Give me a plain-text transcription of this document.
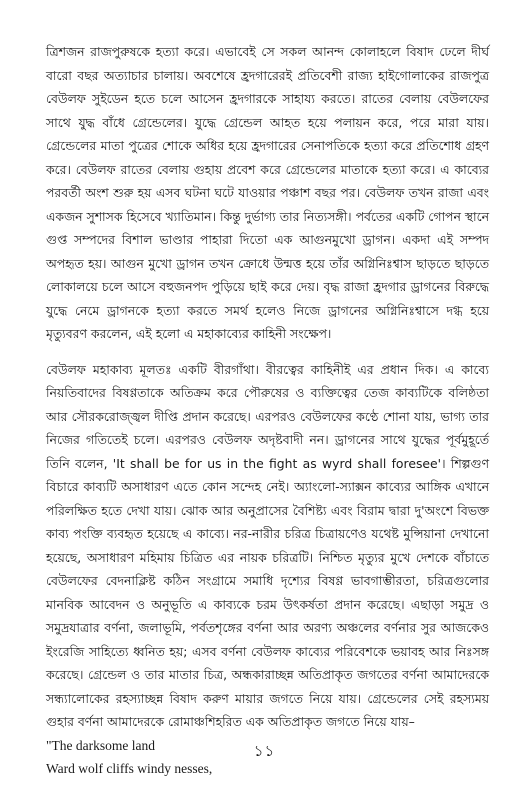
ত্রিশজন রাজপুরুষকে হত্যা করে। এভাবেই সে সকল আনন্দ কোলাহলে বিষাদ ঢেলে দীর্ঘ বারো বছর অত্যাচার চালায়। অবশেষে হ্রদগারেরই প্রতিবেশী রাজ্য হাইগোলাকের রাজপুত্র বেউলফ সুইডেন হতে চলে আসেন হ্রদগারকে সাহায্য করতে। রাতের বেলায় বেউলফের সাথে যুদ্ধ বাঁধে গ্রেন্ডেলের। যুদ্ধে গ্রেন্ডেল আহত হয়ে পলায়ন করে, পরে মারা যায়। গ্রেন্ডেলের মাতা পুত্রের শোকে অধির হয়ে হ্রদগারের সেনাপতিকে হত্যা করে প্রতিশোধ গ্রহণ করে। বেউলফ রাতের বেলায় গুহায় প্রবেশ করে গ্রেন্ডেলের মাতাকে হত্যা করে। এ কাব্যের পরবর্তী অংশ শুরু হয় এসব ঘটনা ঘটে যাওয়ার পঞ্চাশ বছর পর। বেউলফ তখন রাজা এবং একজন সুশাসক হিসেবে খ্যাতিমান। কিন্তু দুর্ভাগ্য তার নিত্যসঙ্গী। পর্বতের একটি গোপন স্থানে গুপ্ত সম্পদের বিশাল ভাণ্ডার পাহারা দিতো এক আগুনমুখো ড্রাগন। একদা এই সম্পদ অপহৃত হয়। আগুন মুখো ড্রাগন তখন ক্রোধে উন্মত্ত হয়ে তাঁর অগ্নিনিঃশ্বাস ছাড়তে ছাড়তে লোকালয়ে চলে আসে বহুজনপদ পুড়িয়ে ছাই করে দেয়। বৃদ্ধ রাজা হ্রদগার ড্রাগনের বিরুদ্ধে যুদ্ধে নেমে ড্রাগনকে হত্যা করতে সমর্থ হলেও নিজে ড্রাগনের অগ্নিনিঃশ্বাসে দগ্ধ হয়ে মৃত্যুবরণ করলেন, এই হলো এ মহাকাব্যের কাহিনী সংক্ষেপ।

বেউলফ মহাকাব্য মূলতঃ একটি বীরগাঁথা। বীরত্বের কাহিনীই এর প্রধান দিক। এ কাব্যে নিয়তিবাদের বিষণ্ণতাকে অতিক্রম করে পৌরুষের ও ব্যক্তিত্বের তেজ কাব্যটিকে বলিষ্ঠতা আর সৌরকরোজ্জ্বল দীপ্তি প্রদান করেছে। এরপরও বেউলফের কণ্ঠে শোনা যায়, ভাগ্য তার নিজের গতিতেই চলে। এরপরও বেউলফ অদৃষ্টবাদী নন। ড্রাগনের সাথে যুদ্ধের পূর্বমুহূর্তে তিনি বলেন, 'It shall be for us in the fight as wyrd shall foresee'। শিল্পগুণ বিচারে কাব্যটি অসাধারণ এতে কোন সন্দেহ নেই। অ্যাংলো-স্যাক্সন কাব্যের আঙ্গিক এখানে পরিলক্ষিত হতে দেখা যায়। ঝোক আর অনুপ্রাসের বৈশিষ্ট্য এবং বিরাম দ্বারা দু'অংশে বিভক্ত কাব্য পংক্তি ব্যবহৃত হয়েছে এ কাব্যে। নর-নারীর চরিত্র চিত্রায়ণেও যথেষ্ট মুন্সিয়ানা দেখানো হয়েছে, অসাধারণ মহিমায় চিত্রিত এর নায়ক চরিত্রটি। নিশ্চিত মৃত্যুর মুখে দেশকে বাঁচাতে বেউলফের বেদনাক্লিষ্ট কঠিন সংগ্রামে সমাধি দৃশ্যের বিষণ্ণ ভাবগাম্ভীরতা, চরিত্রগুলোর মানবিক আবেদন ও অনুভূতি এ কাব্যকে চরম উৎকর্ষতা প্রদান করেছে। এছাড়া সমুদ্র ও সমুদ্রযাত্রার বর্ণনা, জলাভূমি, পর্বতশৃঙ্গের বর্ণনা আর অরণ্য অঞ্চলের বর্ণনার সুর আজকেও ইংরেজি সাহিত্যে ধ্বনিত হয়; এসব বর্ণনা বেউলফ কাব্যের পরিবেশকে ভয়াবহ আর নিঃসঙ্গ করেছে। গ্রেন্ডেল ও তার মাতার চিত্র, অন্ধকারাচ্ছন্ন অতিপ্রাকৃত জগতের বর্ণনা আমাদেরকে সন্ধ্যালোকের রহস্যাচ্ছন্ন বিষাদ করুণ মায়ার জগতে নিয়ে যায়। গ্রেন্ডেলের সেই রহস্যময় গুহার বর্ণনা আমাদেরকে রোমাঞ্চশিহরিত এক অতিপ্রাকৃত জগতে নিয়ে যায়–

"The darksome land

Ward wolf cliffs windy nesses,

১১
